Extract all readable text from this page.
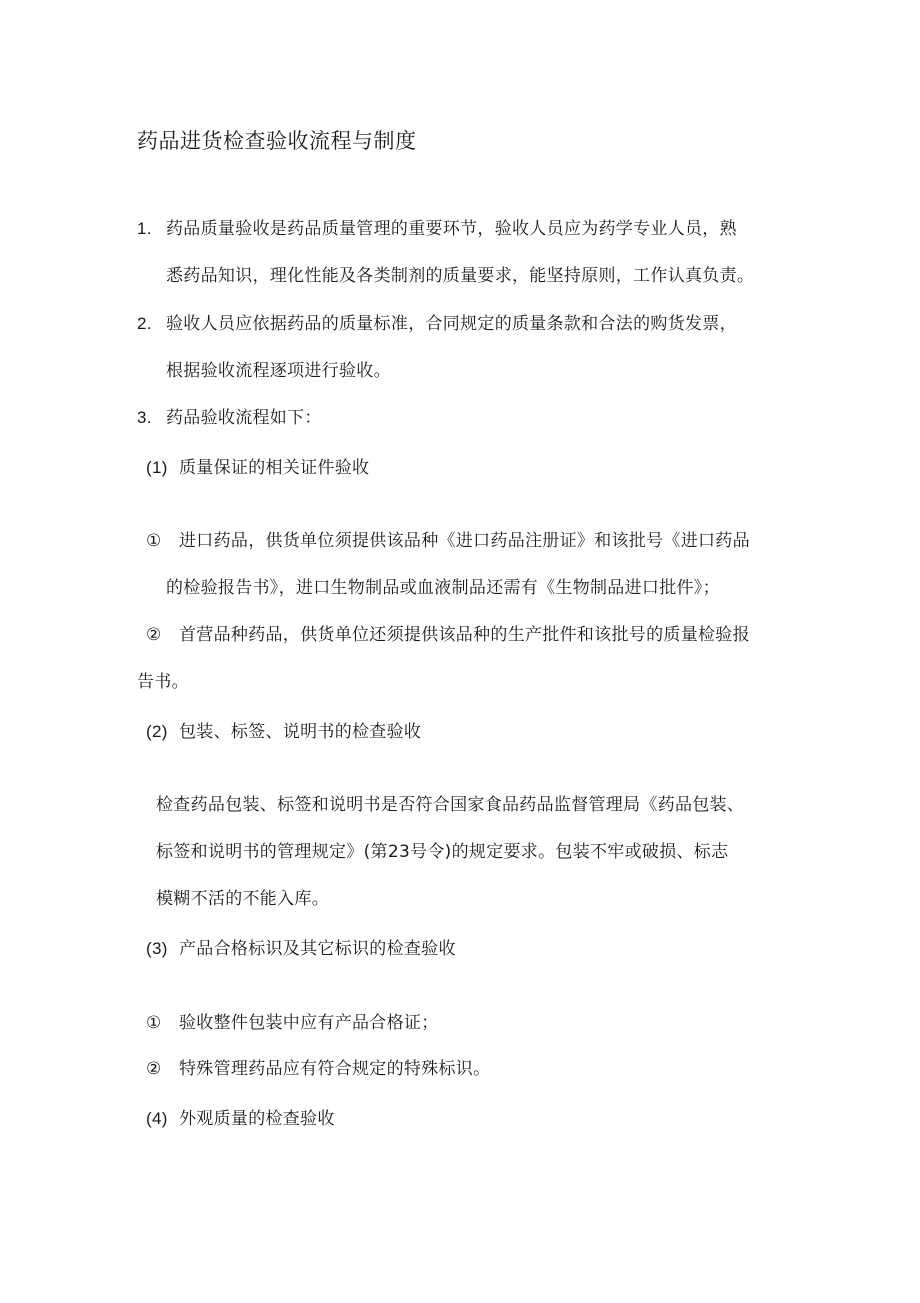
药品进货检查验收流程与制度
1. 药品质量验收是药品质量管理的重要环节，验收人员应为药学专业人员，熟
悉药品知识，理化性能及各类制剂的质量要求，能坚持原则，工作认真负责。
2. 验收人员应依据药品的质量标准，合同规定的质量条款和合法的购货发票，
根据验收流程逐项进行验收。
3. 药品验收流程如下：
(1) 质量保证的相关证件验收
① 进口药品，供货单位须提供该品种《进口药品注册证》和该批号《进口药品
的检验报告书》，进口生物制品或血液制品还需有《生物制品进口批件》；
② 首营品种药品，供货单位还须提供该品种的生产批件和该批号的质量检验报
告书。
(2) 包装、标签、说明书的检查验收
检查药品包装、标签和说明书是否符合国家食品药品监督管理局《药品包装、
标签和说明书的管理规定》(第23号令)的规定要求。包装不牢或破损、标志
模糊不活的不能入库。
(3) 产品合格标识及其它标识的检查验收
① 验收整件包装中应有产品合格证；
② 特殊管理药品应有符合规定的特殊标识。
(4) 外观质量的检查验收
